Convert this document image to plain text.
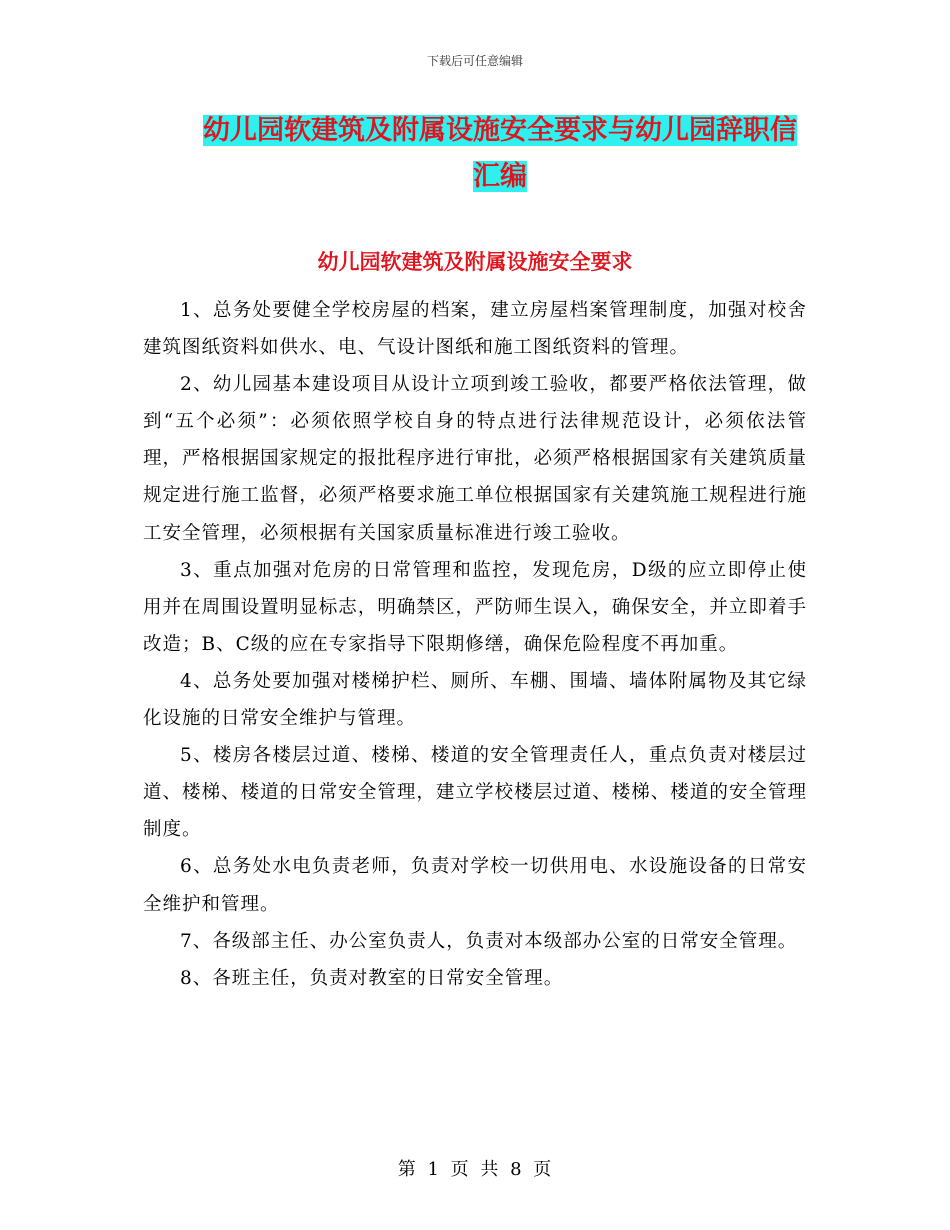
下载后可任意编辑
幼儿园软建筑及附属设施安全要求与幼儿园辞职信汇编
幼儿园软建筑及附属设施安全要求

1、总务处要健全学校房屋的档案，建立房屋档案管理制度，加强对校舍建筑图纸资料如供水、电、气设计图纸和施工图纸资料的管理。

2、幼儿园基本建设项目从设计立项到竣工验收，都要严格依法管理，做到“五个必须”：必须依照学校自身的特点进行法律规范设计，必须依法管理，严格根据国家规定的报批程序进行审批，必须严格根据国家有关建筑质量规定进行施工监督，必须严格要求施工单位根据国家有关建筑施工规程进行施工安全管理，必须根据有关国家质量标准进行竣工验收。

3、重点加强对危房的日常管理和监控，发现危房，D级的应立即停止使用并在周围设置明显标志，明确禁区，严防师生误入，确保安全，并立即着手改造；B、C级的应在专家指导下限期修缮，确保危险程度不再加重。

4、总务处要加强对楼梯护栏、厕所、车棚、围墙、墙体附属物及其它绿化设施的日常安全维护与管理。

5、楼房各楼层过道、楼梯、楼道的安全管理责任人，重点负责对楼层过道、楼梯、楼道的日常安全管理，建立学校楼层过道、楼梯、楼道的安全管理制度。

6、总务处水电负责老师，负责对学校一切供用电、水设施设备的日常安全维护和管理。

7、各级部主任、办公室负责人，负责对本级部办公室的日常安全管理。

8、各班主任，负责对教室的日常安全管理。

第 1 页 共 8 页
